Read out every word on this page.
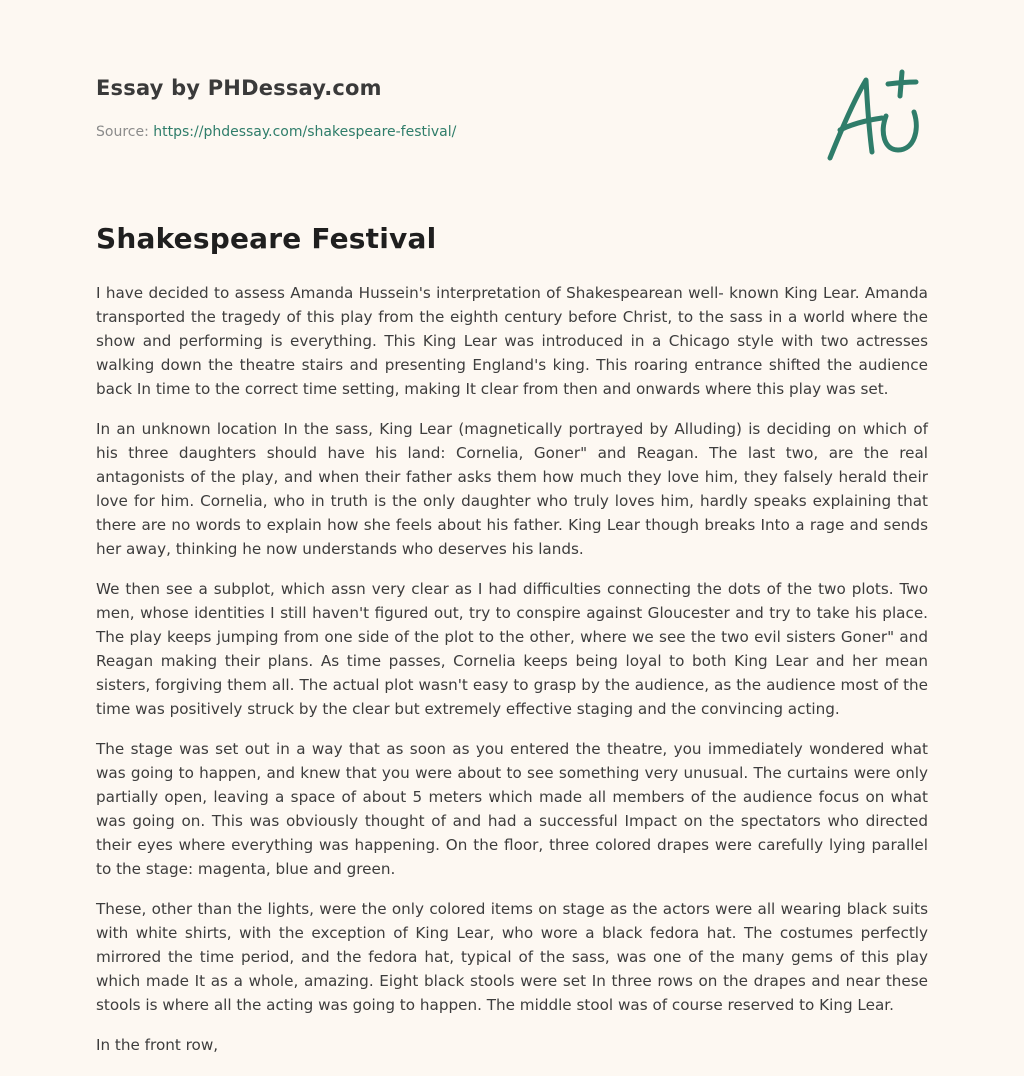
Essay by PHDessay.com

Source: https://phdessay.com/shakespeare-festival/
Shakespeare Festival

I have decided to assess Amanda Hussein's interpretation of Shakespearean well- known King Lear. Amanda transported the tragedy of this play from the eighth century before Christ, to the sass in a world where the show and performing is everything. This King Lear was introduced in a Chicago style with two actresses walking down the theatre stairs and presenting England's king. This roaring entrance shifted the audience back In time to the correct time setting, making It clear from then and onwards where this play was set.

In an unknown location In the sass, King Lear (magnetically portrayed by Alluding) is deciding on which of his three daughters should have his land: Cornelia, Goner" and Reagan. The last two, are the real antagonists of the play, and when their father asks them how much they love him, they falsely herald their love for him. Cornelia, who in truth is the only daughter who truly loves him, hardly speaks explaining that there are no words to explain how she feels about his father. King Lear though breaks Into a rage and sends her away, thinking he now understands who deserves his lands.

We then see a subplot, which assn very clear as I had difficulties connecting the dots of the two plots. Two men, whose identities I still haven't figured out, try to conspire against Gloucester and try to take his place. The play keeps jumping from one side of the plot to the other, where we see the two evil sisters Goner" and Reagan making their plans. As time passes, Cornelia keeps being loyal to both King Lear and her mean sisters, forgiving them all. The actual plot wasn't easy to grasp by the audience, as the audience most of the time was positively struck by the clear but extremely effective staging and the convincing acting.

The stage was set out in a way that as soon as you entered the theatre, you immediately wondered what was going to happen, and knew that you were about to see something very unusual. The curtains were only partially open, leaving a space of about 5 meters which made all members of the audience focus on what was going on. This was obviously thought of and had a successful Impact on the spectators who directed their eyes where everything was happening. On the floor, three colored drapes were carefully lying parallel to the stage: magenta, blue and green.

These, other than the lights, were the only colored items on stage as the actors were all wearing black suits with white shirts, with the exception of King Lear, who wore a black fedora hat. The costumes perfectly mirrored the time period, and the fedora hat, typical of the sass, was one of the many gems of this play which made It as a whole, amazing. Eight black stools were set In three rows on the drapes and near these stools is where all the acting was going to happen. The middle stool was of course reserved to King Lear.

In the front row,
